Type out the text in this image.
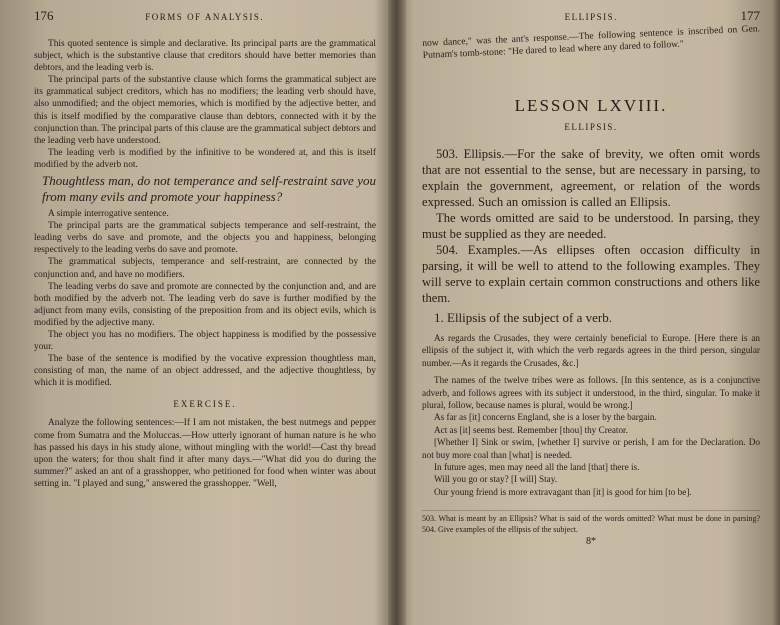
176	FORMS OF ANALYSIS.

This quoted sentence is simple and declarative. Its principal parts are the grammatical subject, which is the substantive clause that creditors should have better memories than debtors, and the leading verb is.

The principal parts of the substantive clause which forms the grammatical subject are its grammatical subject creditors, which has no modifiers; the leading verb should have, also unmodified; and the object memories, which is modified by the adjective better, and this is itself modified by the comparative clause than debtors, connected with it by the conjunction than. The principal parts of this clause are the grammatical subject debtors and the leading verb have understood.

The leading verb is modified by the infinitive to be wondered at, and this is itself modified by the adverb not.

Thoughtless man, do not temperance and self-restraint save you from many evils and promote your happiness?

A simple interrogative sentence.

The principal parts are the grammatical subjects temperance and self-restraint, the leading verbs do save and promote, and the objects you and happiness, belonging respectively to the leading verbs do save and promote.

The grammatical subjects, temperance and self-restraint, are connected by the conjunction and, and have no modifiers.

The leading verbs do save and promote are connected by the conjunction and, and are both modified by the adverb not. The leading verb do save is further modified by the adjunct from many evils, consisting of the preposition from and its object evils, which is modified by the adjective many.

The object you has no modifiers. The object happiness is modified by the possessive your.

The base of the sentence is modified by the vocative expression thoughtless man, consisting of man, the name of an object addressed, and the adjective thoughtless, by which it is modified.

EXERCISE.

Analyze the following sentences:—If I am not mistaken, the best nutmegs and pepper come from Sumatra and the Moluccas.—How utterly ignorant of human nature is he who has passed his days in his study alone, without mingling with the world!—Cast thy bread upon the waters; for thou shalt find it after many days.—"What did you do during the summer?" asked an ant of a grasshopper, who petitioned for food when winter was about setting in. "I played and sung," answered the grasshopper. "Well,

ELLIPSIS.	177

now dance," was the ant's response.—The following sentence is inscribed on Gen. Putnam's tomb-stone: "He dared to lead where any dared to follow."

LESSON LXVIII.
ELLIPSIS.

503. Ellipsis.—For the sake of brevity, we often omit words that are not essential to the sense, but are necessary in parsing, to explain the government, agreement, or relation of the words expressed. Such an omission is called an Ellipsis.

The words omitted are said to be understood. In parsing, they must be supplied as they are needed.

504. Examples.—As ellipses often occasion difficulty in parsing, it will be well to attend to the following examples. They will serve to explain certain common constructions and others like them.

1. Ellipsis of the subject of a verb.

As regards the Crusades, they were certainly beneficial to Europe. [Here there is an ellipsis of the subject it, with which the verb regards agrees in the third person, singular number.—As it regards the Crusades, &c.]

The names of the twelve tribes were as follows. [In this sentence, as is a conjunctive adverb, and follows agrees with its subject it understood, in the third, singular. To make it plural, follow, because names is plural, would be wrong.]

As far as [it] concerns England, she is a loser by the bargain.

Act as [it] seems best. Remember [thou] thy Creator.

[Whether I] Sink or swim, [whether I] survive or perish, I am for the Declaration. Do not buy more coal than [what] is needed.

In future ages, men may need all the land [that] there is.

Will you go or stay? [I will] Stay.

Our young friend is more extravagant than [it] is good for him [to be].

503. What is meant by an Ellipsis? What is said of the words omitted? What must be done in parsing? 504. Give examples of the ellipsis of the subject.

8*
